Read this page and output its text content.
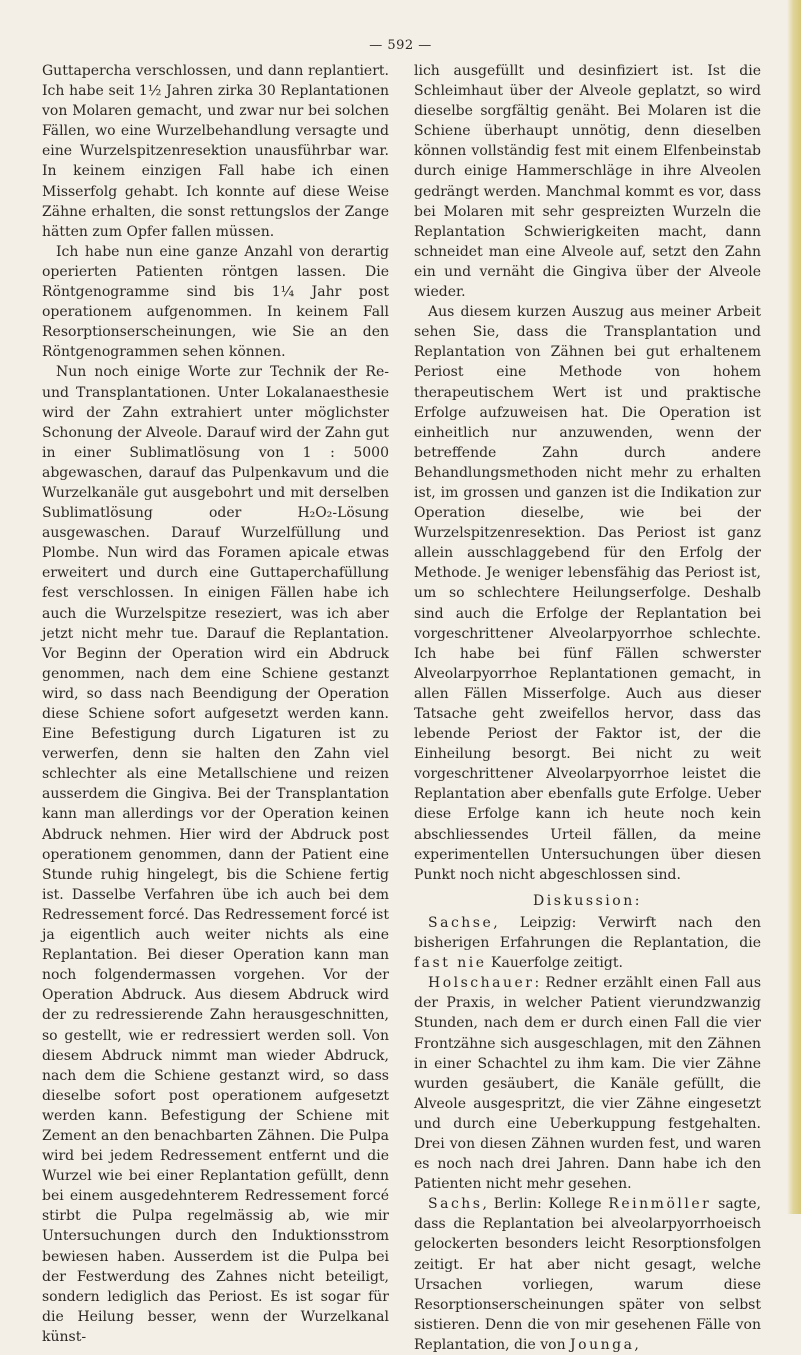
— 592 —

Guttapercha verschlossen, und dann replantiert. Ich habe seit 1½ Jahren zirka 30 Replantationen von Molaren gemacht, und zwar nur bei solchen Fällen, wo eine Wurzelbehandlung versagte und eine Wurzelspitzenresektion unausführbar war. In keinem einzigen Fall habe ich einen Misserfolg gehabt. Ich konnte auf diese Weise Zähne erhalten, die sonst rettungslos der Zange hätten zum Opfer fallen müssen.

Ich habe nun eine ganze Anzahl von derartig operierten Patienten röntgen lassen. Die Röntgenogramme sind bis 1¼ Jahr post operationem aufgenommen. In keinem Fall Resorptionserscheinungen, wie Sie an den Röntgenogrammen sehen können.

Nun noch einige Worte zur Technik der Re- und Transplantationen. Unter Lokalanaesthesie wird der Zahn extrahiert unter möglichster Schonung der Alveole. Darauf wird der Zahn gut in einer Sublimatlösung von 1 : 5000 abgewaschen, darauf das Pulpenkavum und die Wurzelkanäle gut ausgebohrt und mit derselben Sublimatlösung oder H₂O₂-Lösung ausgewaschen. Darauf Wurzelfüllung und Plombe. Nun wird das Foramen apicale etwas erweitert und durch eine Guttaperchafüllung fest verschlossen. In einigen Fällen habe ich auch die Wurzelspitze reseziert, was ich aber jetzt nicht mehr tue. Darauf die Replantation. Vor Beginn der Operation wird ein Abdruck genommen, nach dem eine Schiene gestanzt wird, so dass nach Beendigung der Operation diese Schiene sofort aufgesetzt werden kann. Eine Befestigung durch Ligaturen ist zu verwerfen, denn sie halten den Zahn viel schlechter als eine Metallschiene und reizen ausserdem die Gingiva. Bei der Transplantation kann man allerdings vor der Operation keinen Abdruck nehmen. Hier wird der Abdruck post operationem genommen, dann der Patient eine Stunde ruhig hingelegt, bis die Schiene fertig ist. Dasselbe Verfahren übe ich auch bei dem Redressement forcé. Das Redressement forcé ist ja eigentlich auch weiter nichts als eine Replantation. Bei dieser Operation kann man noch folgendermassen vorgehen. Vor der Operation Abdruck. Aus diesem Abdruck wird der zu redressierende Zahn herausgeschnitten, so gestellt, wie er redressiert werden soll. Von diesem Abdruck nimmt man wieder Abdruck, nach dem die Schiene gestanzt wird, so dass dieselbe sofort post operationem aufgesetzt werden kann. Befestigung der Schiene mit Zement an den benachbarten Zähnen. Die Pulpa wird bei jedem Redressement entfernt und die Wurzel wie bei einer Replantation gefüllt, denn bei einem ausgedehnterem Redressement forcé stirbt die Pulpa regelmässig ab, wie mir Untersuchungen durch den Induktionsstrom bewiesen haben. Ausserdem ist die Pulpa bei der Festwerdung des Zahnes nicht beteiligt, sondern lediglich das Periost. Es ist sogar für die Heilung besser, wenn der Wurzelkanal künst-

lich ausgefüllt und desinfiziert ist. Ist die Schleimhaut über der Alveole geplatzt, so wird dieselbe sorgfältig genäht. Bei Molaren ist die Schiene überhaupt unnötig, denn dieselben können vollständig fest mit einem Elfenbeinstab durch einige Hammerschläge in ihre Alveolen gedrängt werden. Manchmal kommt es vor, dass bei Molaren mit sehr gespreizten Wurzeln die Replantation Schwierigkeiten macht, dann schneidet man eine Alveole auf, setzt den Zahn ein und vernäht die Gingiva über der Alveole wieder.

Aus diesem kurzen Auszug aus meiner Arbeit sehen Sie, dass die Transplantation und Replantation von Zähnen bei gut erhaltenem Periost eine Methode von hohem therapeutischem Wert ist und praktische Erfolge aufzuweisen hat. Die Operation ist einheitlich nur anzuwenden, wenn der betreffende Zahn durch andere Behandlungsmethoden nicht mehr zu erhalten ist, im grossen und ganzen ist die Indikation zur Operation dieselbe, wie bei der Wurzelspitzenresektion. Das Periost ist ganz allein ausschlaggebend für den Erfolg der Methode. Je weniger lebensfähig das Periost ist, um so schlechtere Heilungserfolge. Deshalb sind auch die Erfolge der Replantation bei vorgeschrittener Alveolarpyorrhoe schlechte. Ich habe bei fünf Fällen schwerster Alveolarpyorrhoe Replantationen gemacht, in allen Fällen Misserfolge. Auch aus dieser Tatsache geht zweifellos hervor, dass das lebende Periost der Faktor ist, der die Einheilung besorgt. Bei nicht zu weit vorgeschrittener Alveolarpyorrhoe leistet die Replantation aber ebenfalls gute Erfolge. Ueber diese Erfolge kann ich heute noch kein abschliessendes Urteil fällen, da meine experimentellen Untersuchungen über diesen Punkt noch nicht abgeschlossen sind.

Diskussion:

Sachse, Leipzig: Verwirft nach den bisherigen Erfahrungen die Replantation, die fast nie Kauerfolge zeitigt.

Holschauer: Redner erzählt einen Fall aus der Praxis, in welcher Patient vierundzwanzig Stunden, nach dem er durch einen Fall die vier Frontzähne sich ausgeschlagen, mit den Zähnen in einer Schachtel zu ihm kam. Die vier Zähne wurden gesäubert, die Kanäle gefüllt, die Alveole ausgespritzt, die vier Zähne eingesetzt und durch eine Ueberkuppung festgehalten. Drei von diesen Zähnen wurden fest, und waren es noch nach drei Jahren. Dann habe ich den Patienten nicht mehr gesehen.

Sachs, Berlin: Kollege Reinmöller sagte, dass die Replantation bei alveolarpyorrhoeisch gelockerten besonders leicht Resorptionsfolgen zeitigt. Er hat aber nicht gesagt, welche Ursachen vorliegen, warum diese Resorptionserscheinungen später von selbst sistieren. Denn die von mir gesehenen Fälle von Replantation, die von Jounga,
